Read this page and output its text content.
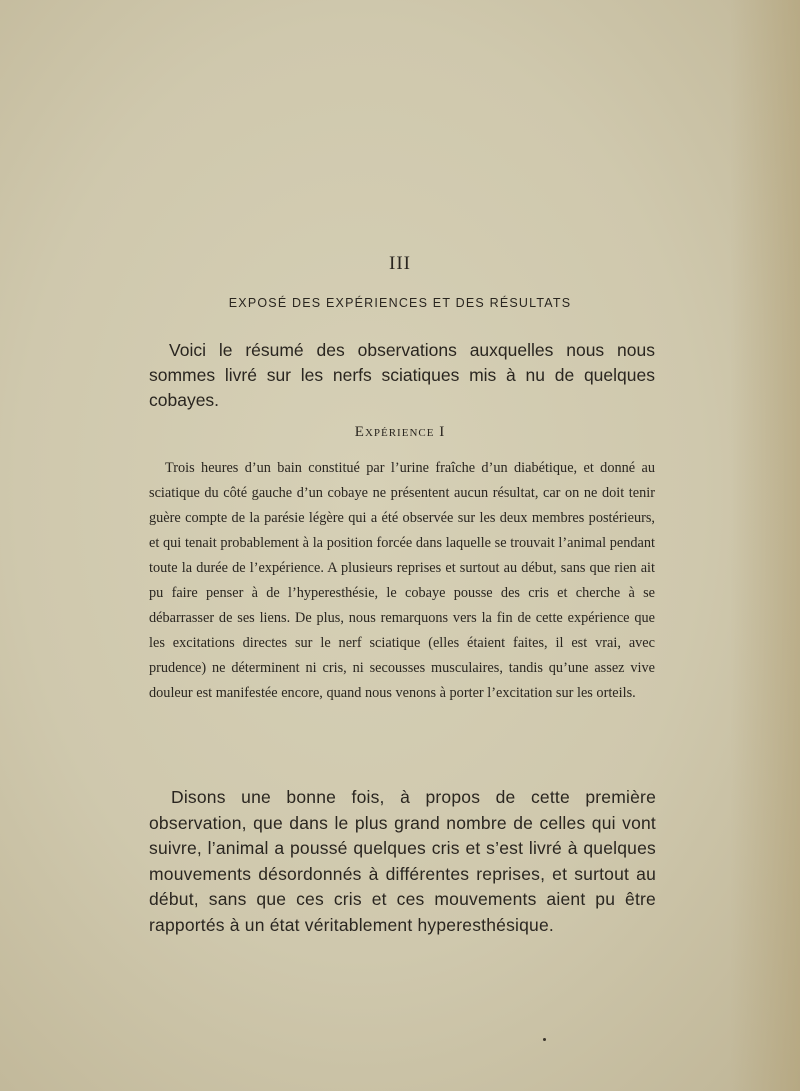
III
EXPOSÉ DES EXPÉRIENCES ET DES RÉSULTATS

Voici le résumé des observations auxquelles nous nous sommes livré sur les nerfs sciatiques mis à nu de quelques cobayes.

Expérience I

Trois heures d’un bain constitué par l’urine fraîche d’un diabétique, et donné au sciatique du côté gauche d’un cobaye ne présentent aucun résultat, car on ne doit tenir guère compte de la parésie légère qui a été observée sur les deux membres postérieurs, et qui tenait probablement à la position forcée dans laquelle se trouvait l’animal pendant toute la durée de l’expérience. A plusieurs reprises et surtout au début, sans que rien ait pu faire penser à de l’hyperesthésie, le cobaye pousse des cris et cherche à se débarrasser de ses liens. De plus, nous remarquons vers la fin de cette expérience que les excitations directes sur le nerf sciatique (elles étaient faites, il est vrai, avec prudence) ne déterminent ni cris, ni secousses musculaires, tandis qu’une assez vive douleur est manifestée encore, quand nous venons à porter l’excitation sur les orteils.

Disons une bonne fois, à propos de cette première observation, que dans le plus grand nombre de celles qui vont suivre, l’animal a poussé quelques cris et s’est livré à quelques mouvements désordonnés à différentes reprises, et surtout au début, sans que ces cris et ces mouvements aient pu être rapportés à un état véritablement hyperesthésique.
